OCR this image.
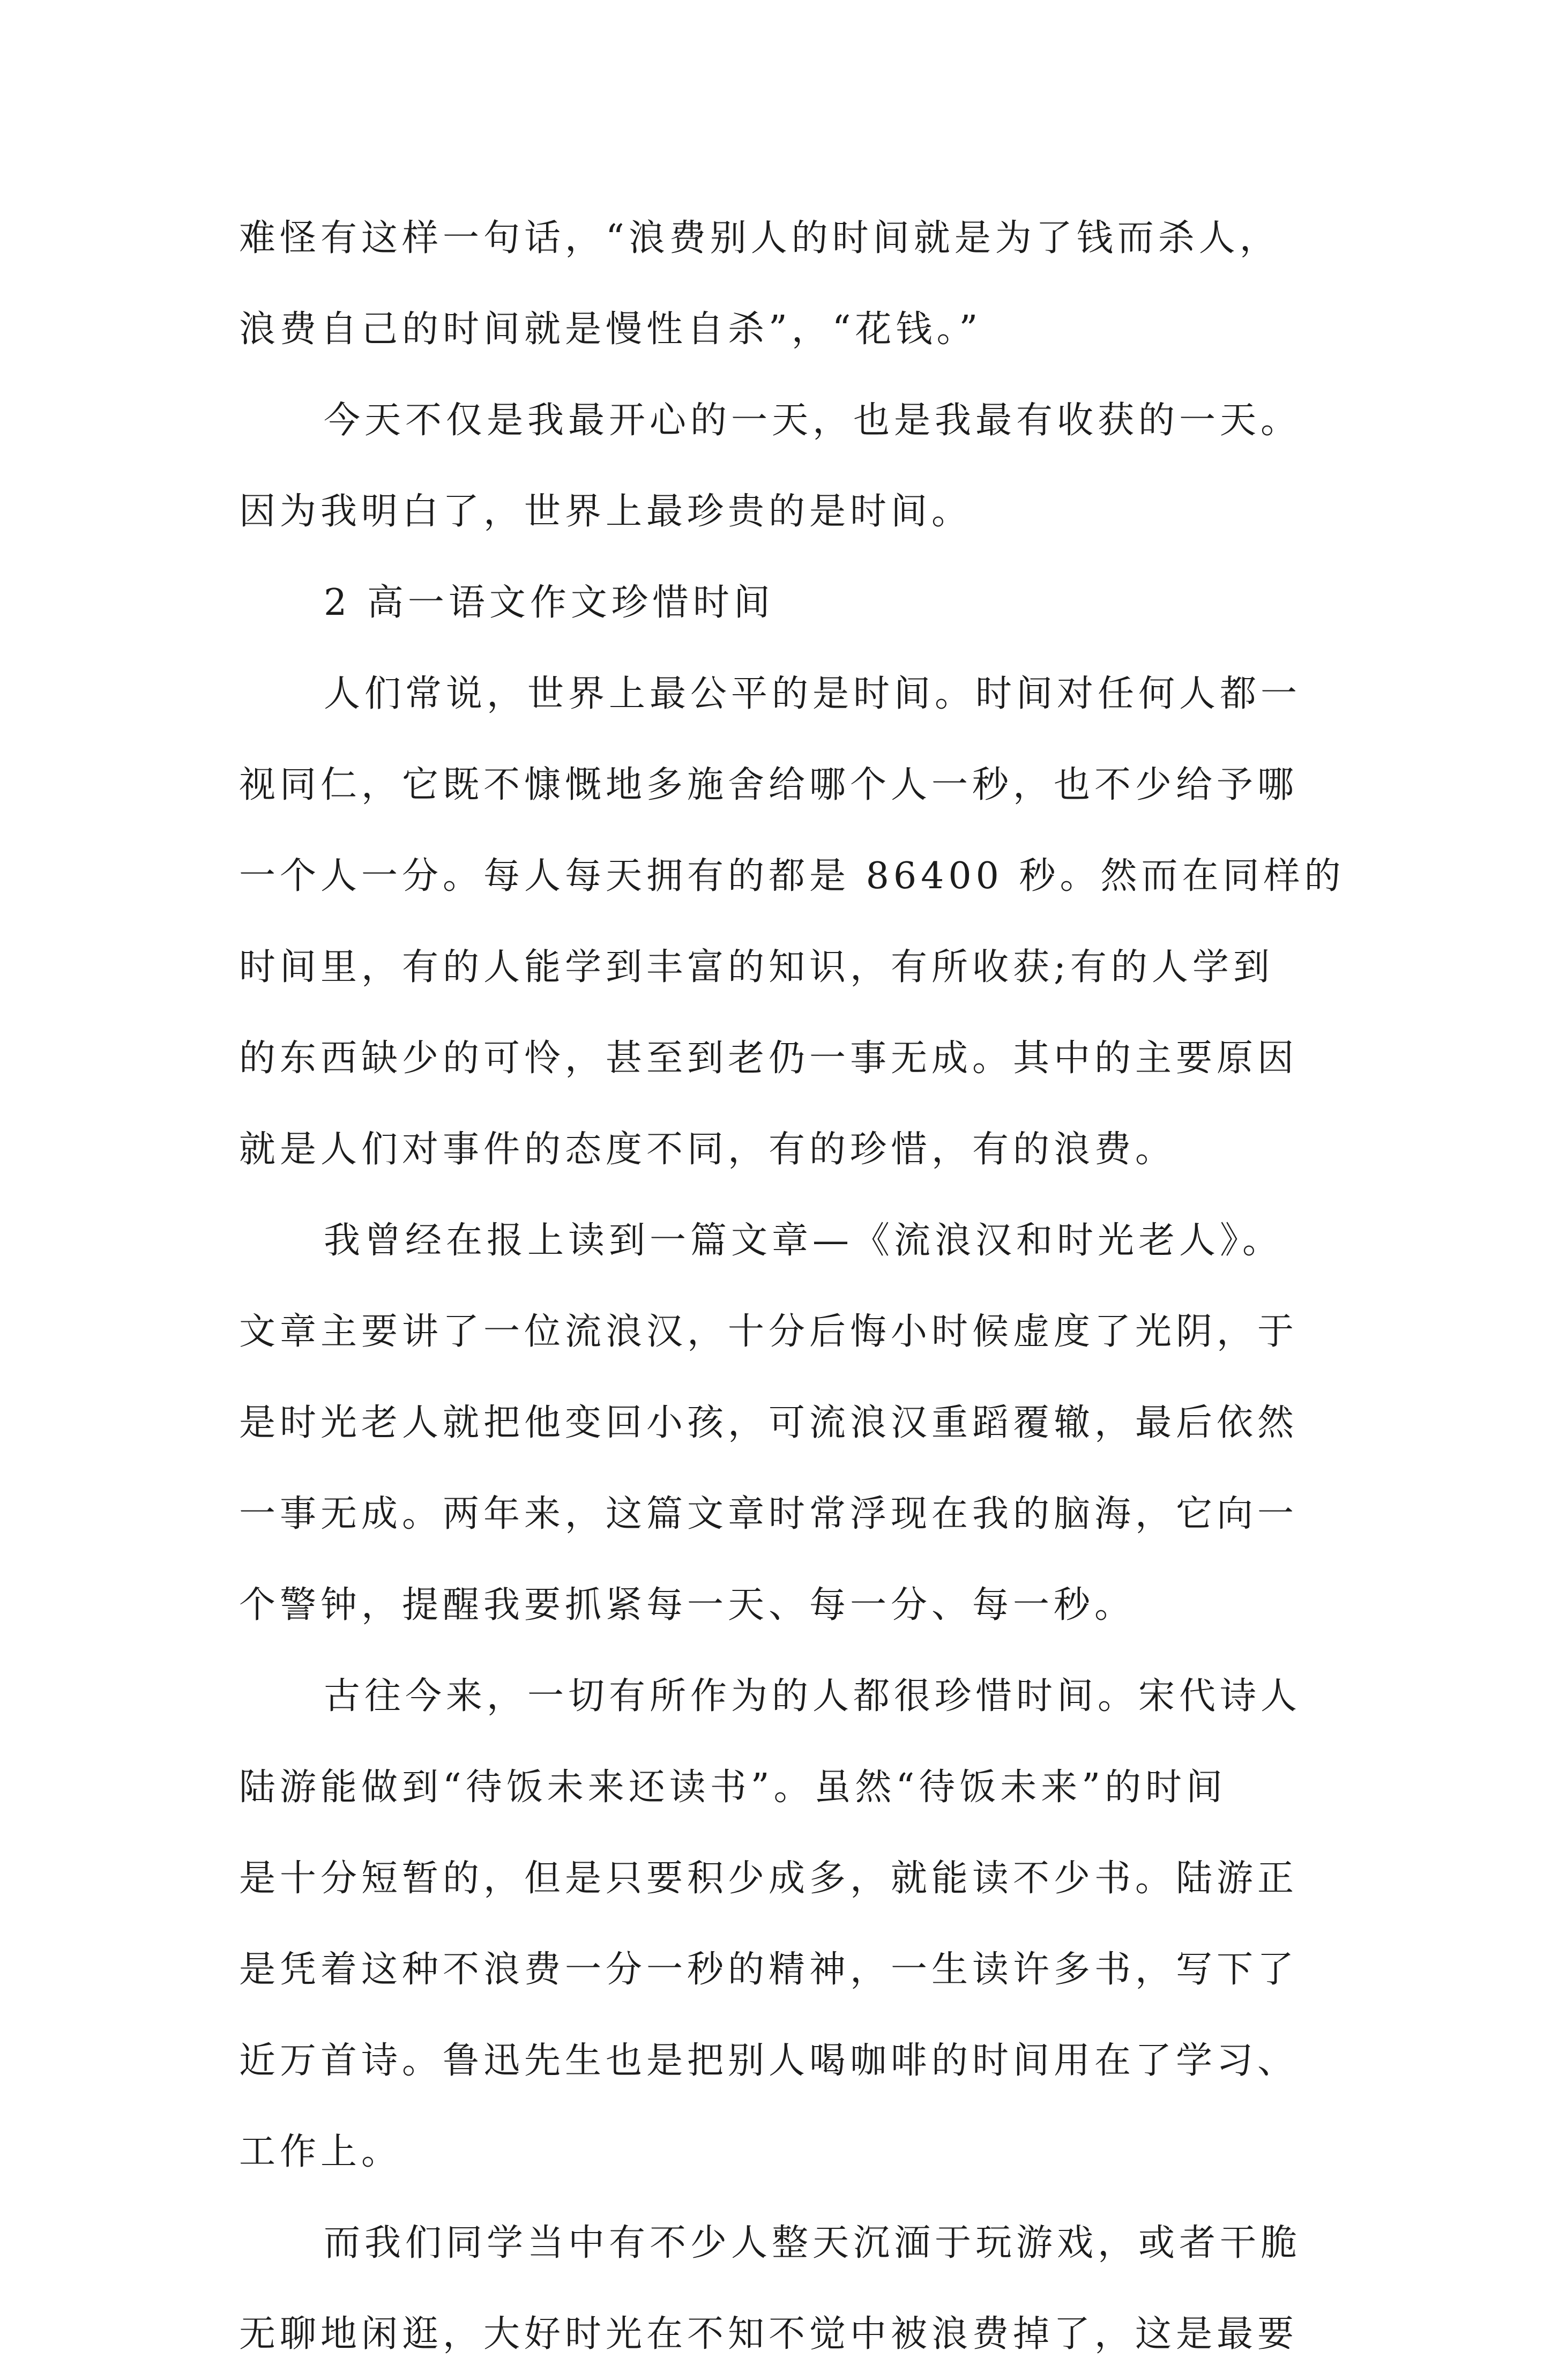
难怪有这样一句话，“浪费别人的时间就是为了钱而杀人，
浪费自己的时间就是慢性自杀”，“花钱。”
今天不仅是我最开心的一天，也是我最有收获的一天。
因为我明白了，世界上最珍贵的是时间。
2 高一语文作文珍惜时间
人们常说，世界上最公平的是时间。时间对任何人都一
视同仁，它既不慷慨地多施舍给哪个人一秒，也不少给予哪
一个人一分。每人每天拥有的都是 86400 秒。然而在同样的
时间里，有的人能学到丰富的知识，有所收获;有的人学到
的东西缺少的可怜，甚至到老仍一事无成。其中的主要原因
就是人们对事件的态度不同，有的珍惜，有的浪费。
我曾经在报上读到一篇文章—《流浪汉和时光老人》。
文章主要讲了一位流浪汉，十分后悔小时候虚度了光阴，于
是时光老人就把他变回小孩，可流浪汉重蹈覆辙，最后依然
一事无成。两年来，这篇文章时常浮现在我的脑海，它向一
个警钟，提醒我要抓紧每一天、每一分、每一秒。
古往今来，一切有所作为的人都很珍惜时间。宋代诗人
陆游能做到“待饭未来还读书”。虽然“待饭未来”的时间
是十分短暂的，但是只要积少成多，就能读不少书。陆游正
是凭着这种不浪费一分一秒的精神，一生读许多书，写下了
近万首诗。鲁迅先生也是把别人喝咖啡的时间用在了学习、
工作上。
而我们同学当中有不少人整天沉湎于玩游戏，或者干脆
无聊地闲逛，大好时光在不知不觉中被浪费掉了，这是最要
